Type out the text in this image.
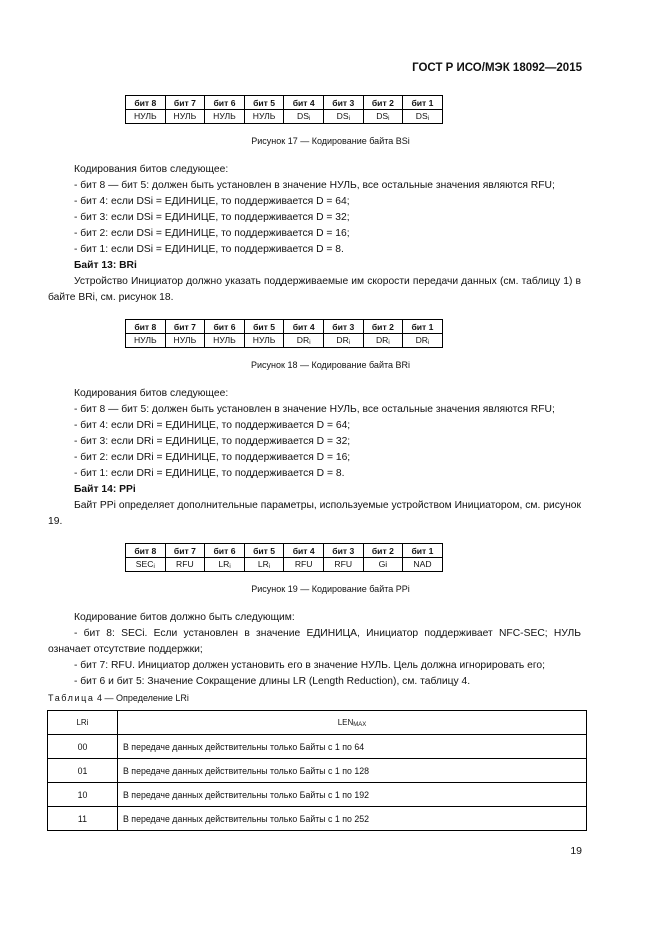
ГОСТ Р ИСО/МЭК 18092—2015
бит 8	бит 7	бит 6	бит 5	бит 4	бит 3	бит 2	бит 1
НУЛЬ	НУЛЬ	НУЛЬ	НУЛЬ	$DS_i$	$DS_i$	$DS_i$	$DS_i$
Рисунок 17 — Кодирование байта BSi

Кодирования битов следующее:

- бит 8 — бит 5: должен быть установлен в значение НУЛЬ, все остальные значения являются RFU;

- бит 4: если DSi = ЕДИНИЦЕ, то поддерживается D = 64;

- бит 3: если DSi = ЕДИНИЦЕ, то поддерживается D = 32;

- бит 2: если DSi = ЕДИНИЦЕ, то поддерживается D = 16;

- бит 1: если DSi = ЕДИНИЦЕ, то поддерживается D = 8.

Байт 13: BRi

Устройство Инициатор должно указать поддерживаемые им скорости передачи данных (см. таблицу 1) в байте BRi, см. рисунок 18.

бит 8	бит 7	бит 6	бит 5	бит 4	бит 3	бит 2	бит 1
НУЛЬ	НУЛЬ	НУЛЬ	НУЛЬ	$DR_i$	$DR_i$	$DR_i$	$DR_i$
Рисунок 18 — Кодирование байта BRi

Кодирования битов следующее:

- бит 8 — бит 5: должен быть установлен в значение НУЛЬ, все остальные значения являются RFU;

- бит 4: если DRi = ЕДИНИЦЕ, то поддерживается D = 64;

- бит 3: если DRi = ЕДИНИЦЕ, то поддерживается D = 32;

- бит 2: если DRi = ЕДИНИЦЕ, то поддерживается D = 16;

- бит 1: если DRi = ЕДИНИЦЕ, то поддерживается D = 8.

Байт 14: PPi

Байт PPi определяет дополнительные параметры, используемые устройством Инициатором, см. рисунок 19.

бит 8	бит 7	бит 6	бит 5	бит 4	бит 3	бит 2	бит 1
$SEC_i$	RFU	$LR_i$	$LR_i$	RFU	RFU	Gi	NAD
Рисунок 19 — Кодирование байта PPi

Кодирование битов должно быть следующим:

- бит 8: SECi. Если установлен в значение ЕДИНИЦА, Инициатор поддерживает NFC-SEC; НУЛЬ означает отсутствие поддержки;

- бит 7: RFU. Инициатор должен установить его в значение НУЛЬ. Цель должна игнорировать его;

- бит 6 и бит 5: Значение Сокращение длины LR (Length Reduction), см. таблицу 4.

Таблица 4 — Определение LRi
LRi	$LEN_{MAX}$
00	В передаче данных действительны только Байты с 1 по 64
01	В передаче данных действительны только Байты с 1 по 128
10	В передаче данных действительны только Байты с 1 по 192
11	В передаче данных действительны только Байты с 1 по 252
19
